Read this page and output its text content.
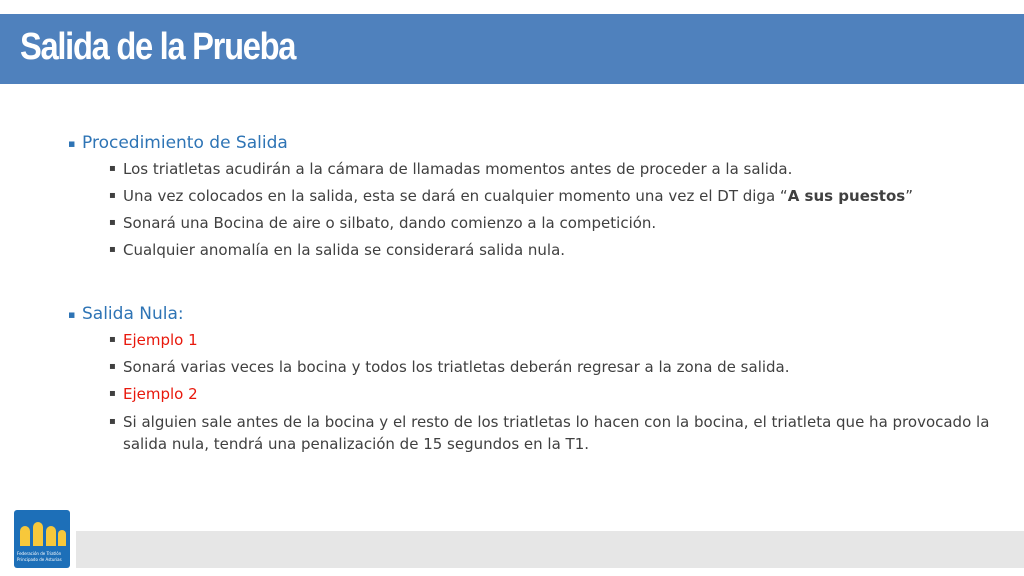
Salida de la Prueba
▪ Procedimiento de Salida
▪ Los triatletas acudirán a la cámara de llamadas momentos antes de proceder a la salida.
▪ Una vez colocados en la salida, esta se dará en cualquier momento una vez el DT diga “A sus puestos”
▪ Sonará una Bocina de aire o silbato, dando comienzo a la competición.
▪ Cualquier anomalía en la salida se considerará salida nula.
▪ Salida Nula:
▪ Ejemplo 1
▪ Sonará varias veces la bocina y todos los triatletas deberán regresar a la zona de salida.
▪ Ejemplo 2
▪ Si alguien sale antes de la bocina y el resto de los triatletas lo hacen con la bocina, el triatleta que ha provocado la salida nula, tendrá una penalización de 15 segundos en la T1.
Federación de Triatlón
Principado de Asturias
